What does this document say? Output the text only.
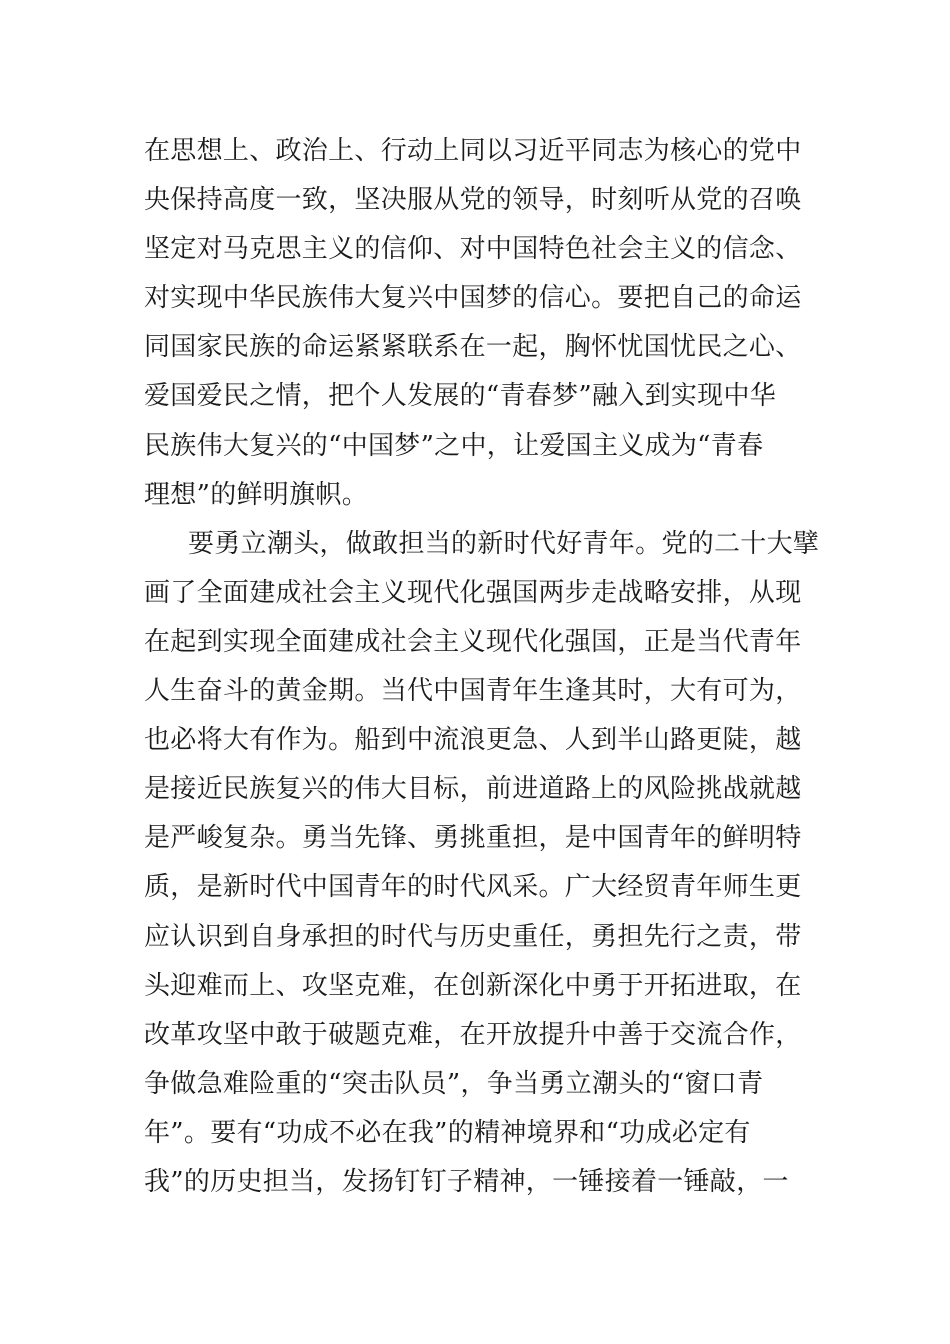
在思想上、政治上、行动上同以习近平同志为核心的党中
央保持高度一致，坚决服从党的领导，时刻听从党的召唤
坚定对马克思主义的信仰、对中国特色社会主义的信念、
对实现中华民族伟大复兴中国梦的信心。要把自己的命运
同国家民族的命运紧紧联系在一起，胸怀忧国忧民之心、
爱国爱民之情，把个人发展的“青春梦”融入到实现中华
民族伟大复兴的“中国梦”之中，让爱国主义成为“青春
理想”的鲜明旗帜。
要勇立潮头，做敢担当的新时代好青年。党的二十大擘
画了全面建成社会主义现代化强国两步走战略安排，从现
在起到实现全面建成社会主义现代化强国，正是当代青年
人生奋斗的黄金期。当代中国青年生逢其时，大有可为，
也必将大有作为。船到中流浪更急、人到半山路更陡，越
是接近民族复兴的伟大目标，前进道路上的风险挑战就越
是严峻复杂。勇当先锋、勇挑重担，是中国青年的鲜明特
质，是新时代中国青年的时代风采。广大经贸青年师生更
应认识到自身承担的时代与历史重任，勇担先行之责，带
头迎难而上、攻坚克难，在创新深化中勇于开拓进取，在
改革攻坚中敢于破题克难，在开放提升中善于交流合作，
争做急难险重的“突击队员”，争当勇立潮头的“窗口青
年”。要有“功成不必在我”的精神境界和“功成必定有
我”的历史担当，发扬钉钉子精神，一锤接着一锤敲，一
